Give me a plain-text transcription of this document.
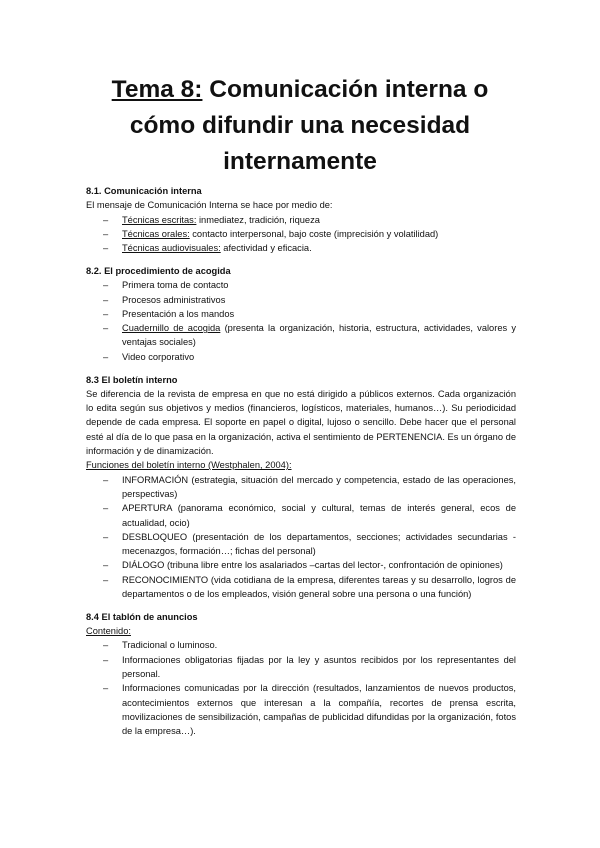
Tema 8: Comunicación interna o
cómo difundir una necesidad
internamente

8.1. Comunicación interna

El mensaje de Comunicación Interna se hace por medio de:

– Técnicas escritas: inmediatez, tradición, riqueza
– Técnicas orales: contacto interpersonal, bajo coste (imprecisión y volatilidad)
– Técnicas audiovisuales: afectividad y eficacia.

8.2. El procedimiento de acogida

– Primera toma de contacto
– Procesos administrativos
– Presentación a los mandos
– Cuadernillo de acogida (presenta la organización, historia, estructura, actividades, valores y ventajas sociales)
– Video corporativo

8.3 El boletín interno

Se diferencia de la revista de empresa en que no está dirigido a públicos externos. Cada organización lo edita según sus objetivos y medios (financieros, logísticos, materiales, humanos…). Su periodicidad depende de cada empresa. El soporte en papel o digital, lujoso o sencillo. Debe hacer que el personal esté al día de lo que pasa en la organización, activa el sentimiento de PERTENENCIA. Es un órgano de información y de dinamización.

Funciones del boletín interno (Westphalen, 2004):

– INFORMACIÓN (estrategia, situación del mercado y competencia, estado de las operaciones, perspectivas)
– APERTURA (panorama económico, social y cultural, temas de interés general, ecos de actualidad, ocio)
– DESBLOQUEO (presentación de los departamentos, secciones; actividades secundarias -mecenazgos, formación…; fichas del personal)
– DIÁLOGO (tribuna libre entre los asalariados –cartas del lector-, confrontación de opiniones)
– RECONOCIMIENTO (vida cotidiana de la empresa, diferentes tareas y su desarrollo, logros de departamentos o de los empleados, visión general sobre una persona o una función)

8.4 El tablón de anuncios

Contenido:

– Tradicional o luminoso.
– Informaciones obligatorias fijadas por la ley y asuntos recibidos por los representantes del personal.
– Informaciones comunicadas por la dirección (resultados, lanzamientos de nuevos productos, acontecimientos externos que interesan a la compañía, recortes de prensa escrita, movilizaciones de sensibilización, campañas de publicidad difundidas por la organización, fotos de la empresa…).
